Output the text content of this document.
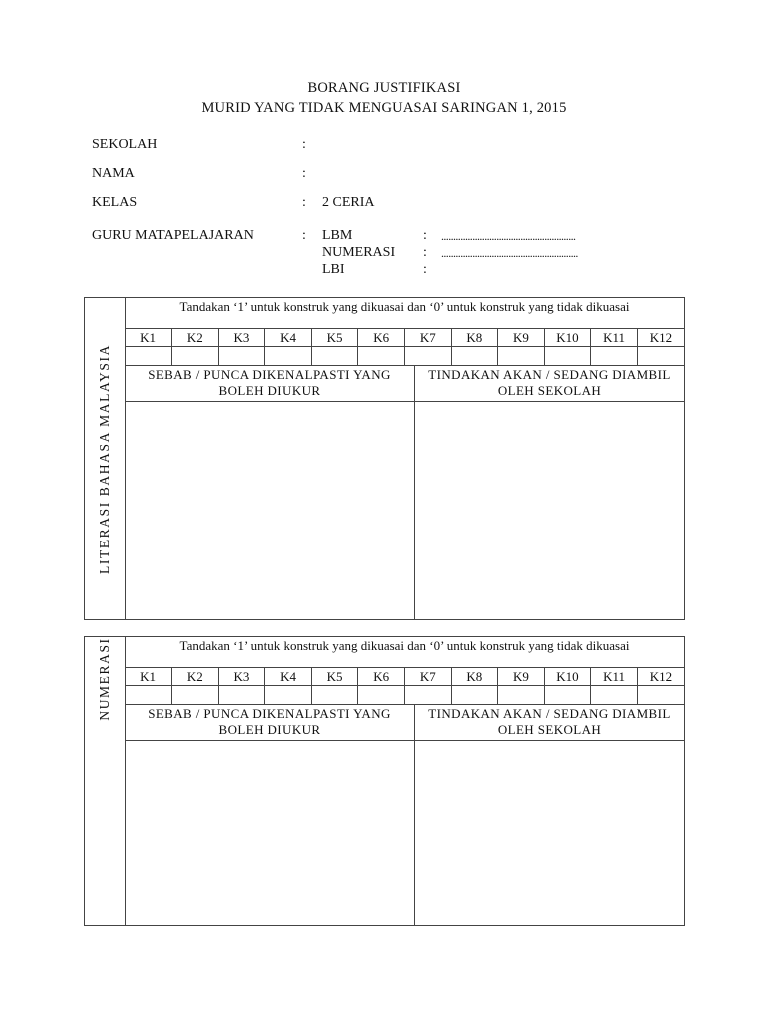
BORANG JUSTIFIKASI
MURID YANG TIDAK MENGUASAI SARINGAN 1, 2015
SEKOLAH	:
NAMA	:
KELAS	: 2 CERIA
GURU MATAPELAJARAN	: LBM	: ........................................................
NUMERASI : .........................................................
LBI	:
LITERASI BAHASA MALAYSIA
Tandakan ‘1’ untuk konstruk yang dikuasai dan ‘0’ untuk konstruk yang tidak dikuasai
K1	K2	K3	K4	K5	K6	K7	K8	K9	K10	K11	K12

SEBAB / PUNCA DIKENALPASTI YANG BOLEH DIUKUR
TINDAKAN AKAN / SEDANG DIAMBIL OLEH SEKOLAH
NUMERASI	Tandakan ‘1’ untuk konstruk yang dikuasai dan ‘0’ untuk konstruk yang tidak dikuasai
K1	K2	K3	K4	K5	K6	K7	K8	K9	K10	K11	K12

SEBAB / PUNCA DIKENALPASTI YANG BOLEH DIUKUR
TINDAKAN AKAN / SEDANG DIAMBIL OLEH SEKOLAH
